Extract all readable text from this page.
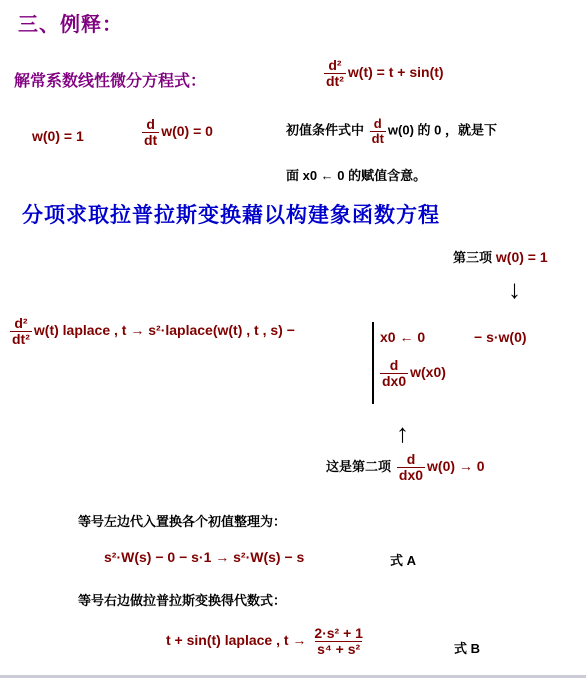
三、例释：
解常系数线性微分方程式：	$\frac{\text{d²}}{\text{dt²}} w(t) = t + \sin(t)$
w(0) = 1	$\frac{d}{dt} w(0) = 0$	初值条件式中 $\frac{d}{dt} w(0)$ 的 0 ，就是下
面 x0 ← 0 的赋值含意。
分项求取拉普拉斯变换藉以构建象函数方程
第三项 w(0) = 1
↓
$\frac{\text{d²}}{\text{dt²}} w(t)$ laplace , t → s²·laplace(w(t) , t , s) −	x0 ← 0	− s·w(0)
$\frac{d}{dx0} w(x0)$
↑
这是第二项 $\frac{d}{dx0} w(0) \to 0$
等号左边代入置换各个初值整理为：
s²·W(s) − 0 − s·1 → s²·W(s) − s	式 A
等号右边做拉普拉斯变换得代数式：
t + sin(t) laplace , $t \to \frac{\text{2·s² + 1}}{\text{s⁴ + s²}}$	式 B
